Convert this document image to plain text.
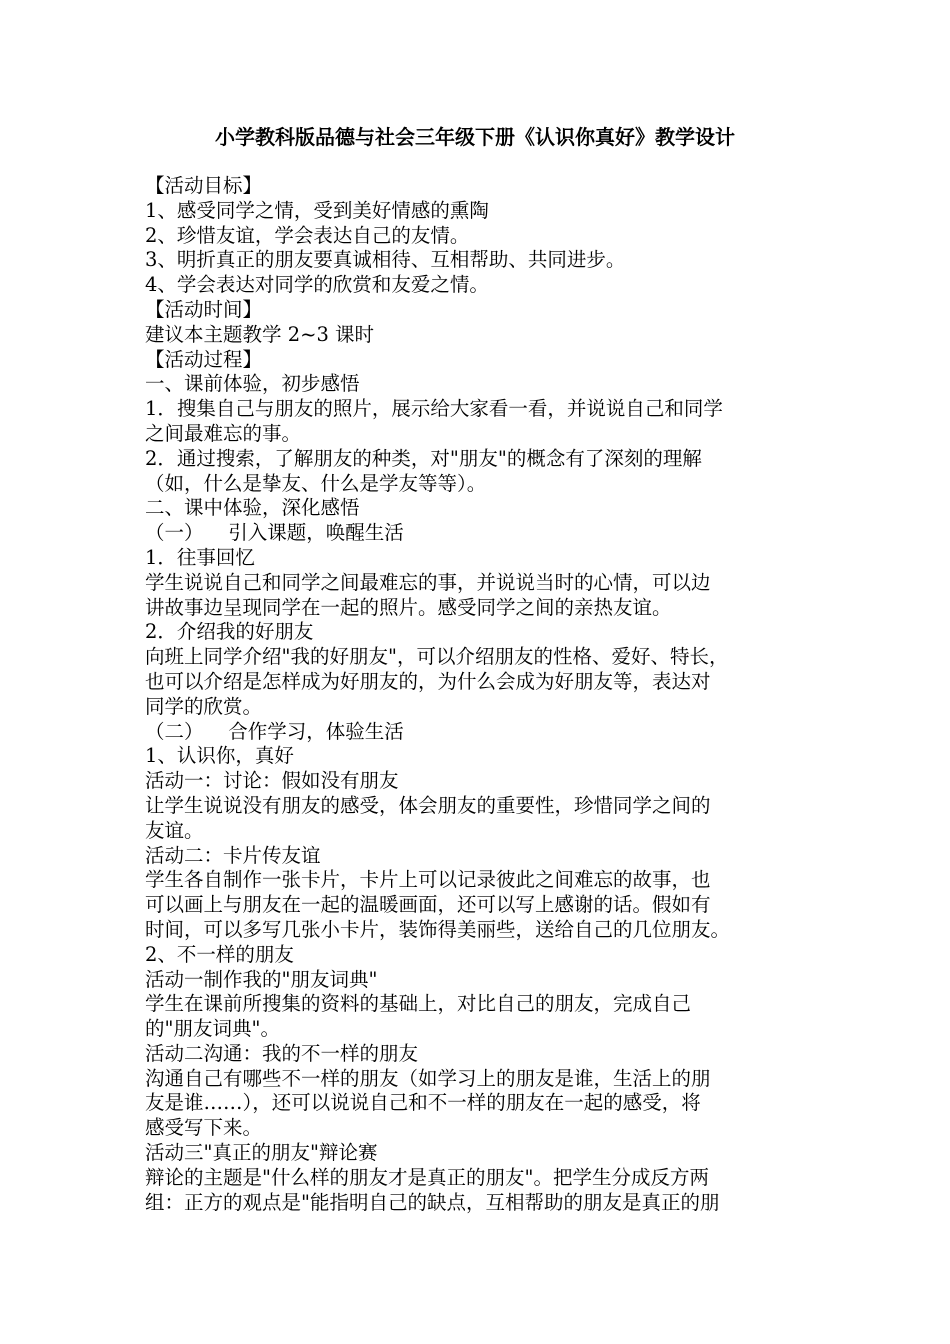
小学教科版品德与社会三年级下册《认识你真好》教学设计

【活动目标】

1、感受同学之情，受到美好情感的熏陶

2、珍惜友谊，学会表达自己的友情。

3、明折真正的朋友要真诚相待、互相帮助、共同进步。

4、学会表达对同学的欣赏和友爱之情。

【活动时间】

建议本主题教学 2~3 课时

【活动过程】

一、课前体验，初步感悟

1．搜集自己与朋友的照片，展示给大家看一看，并说说自己和同学

之间最难忘的事。

2．通过搜索，了解朋友的种类，对"朋友"的概念有了深刻的理解

（如，什么是挚友、什么是学友等等）。

二、课中体验，深化感悟

（一）    引入课题，唤醒生活

1．往事回忆

学生说说自己和同学之间最难忘的事，并说说当时的心情，可以边

讲故事边呈现同学在一起的照片。感受同学之间的亲热友谊。

2．介绍我的好朋友

向班上同学介绍"我的好朋友"，可以介绍朋友的性格、爱好、特长，

也可以介绍是怎样成为好朋友的，为什么会成为好朋友等，表达对

同学的欣赏。

（二）    合作学习，体验生活

1、认识你，真好

活动一：讨论：假如没有朋友

让学生说说没有朋友的感受，体会朋友的重要性，珍惜同学之间的

友谊。

活动二：卡片传友谊

学生各自制作一张卡片，卡片上可以记录彼此之间难忘的故事，也

可以画上与朋友在一起的温暖画面，还可以写上感谢的话。假如有

时间，可以多写几张小卡片，装饰得美丽些，送给自己的几位朋友。

2、不一样的朋友

活动一制作我的"朋友词典"

学生在课前所搜集的资料的基础上，对比自己的朋友，完成自己

的"朋友词典"。

活动二沟通：我的不一样的朋友

沟通自己有哪些不一样的朋友（如学习上的朋友是谁，生活上的朋

友是谁……），还可以说说自己和不一样的朋友在一起的感受，将

感受写下来。

活动三"真正的朋友"辩论赛

辩论的主题是"什么样的朋友才是真正的朋友"。把学生分成反方两

组：正方的观点是"能指明自己的缺点，互相帮助的朋友是真正的朋
